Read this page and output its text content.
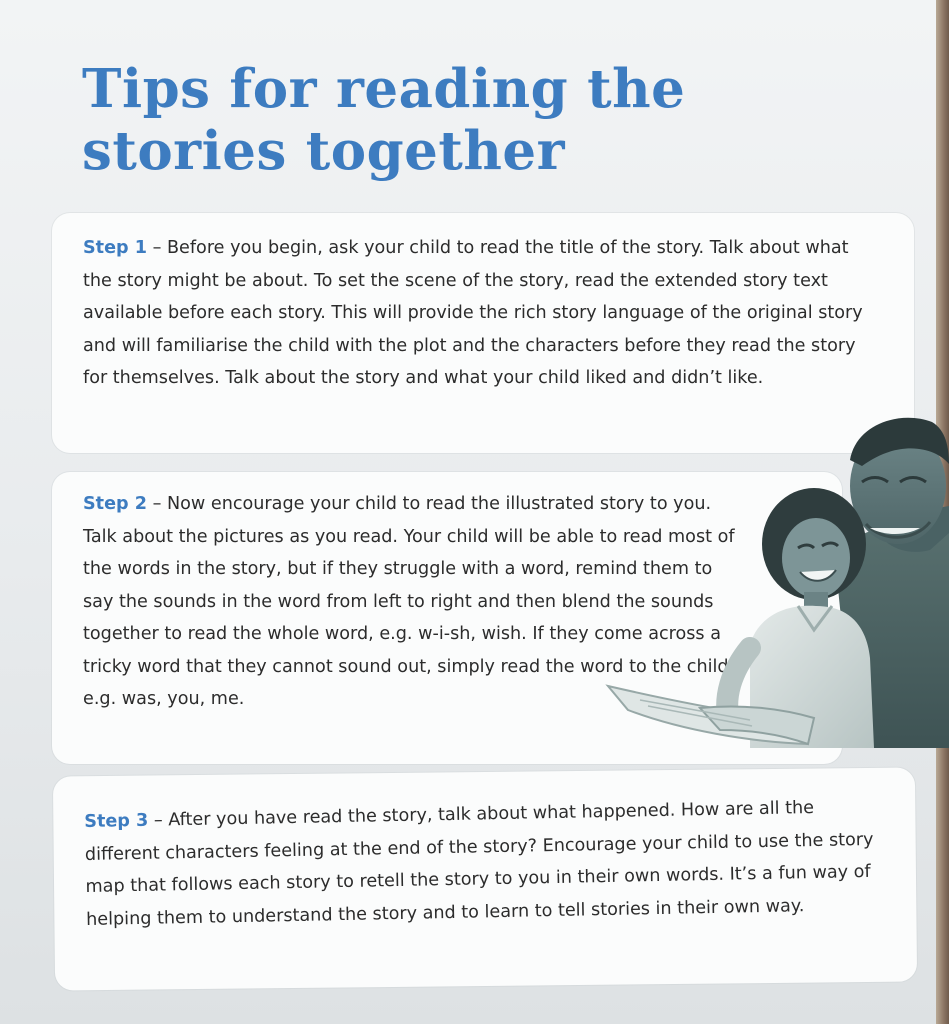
Tips for reading the
stories together

Step 1 – Before you begin, ask your child to read the title of the story. Talk about what the story might be about. To set the scene of the story, read the extended story text available before each story. This will provide the rich story language of the original story and will familiarise the child with the plot and the characters before they read the story for themselves. Talk about the story and what your child liked and didn’t like.

Step 2 – Now encourage your child to read the illustrated story to you. Talk about the pictures as you read. Your child will be able to read most of the words in the story, but if they struggle with a word, remind them to say the sounds in the word from left to right and then blend the sounds together to read the whole word, e.g. w-i-sh, wish. If they come across a tricky word that they cannot sound out, simply read the word to the child, e.g. was, you, me.

Step 3 – After you have read the story, talk about what happened. How are all the different characters feeling at the end of the story? Encourage your child to use the story map that follows each story to retell the story to you in their own words. It’s a fun way of helping them to understand the story and to learn to tell stories in their own way.
